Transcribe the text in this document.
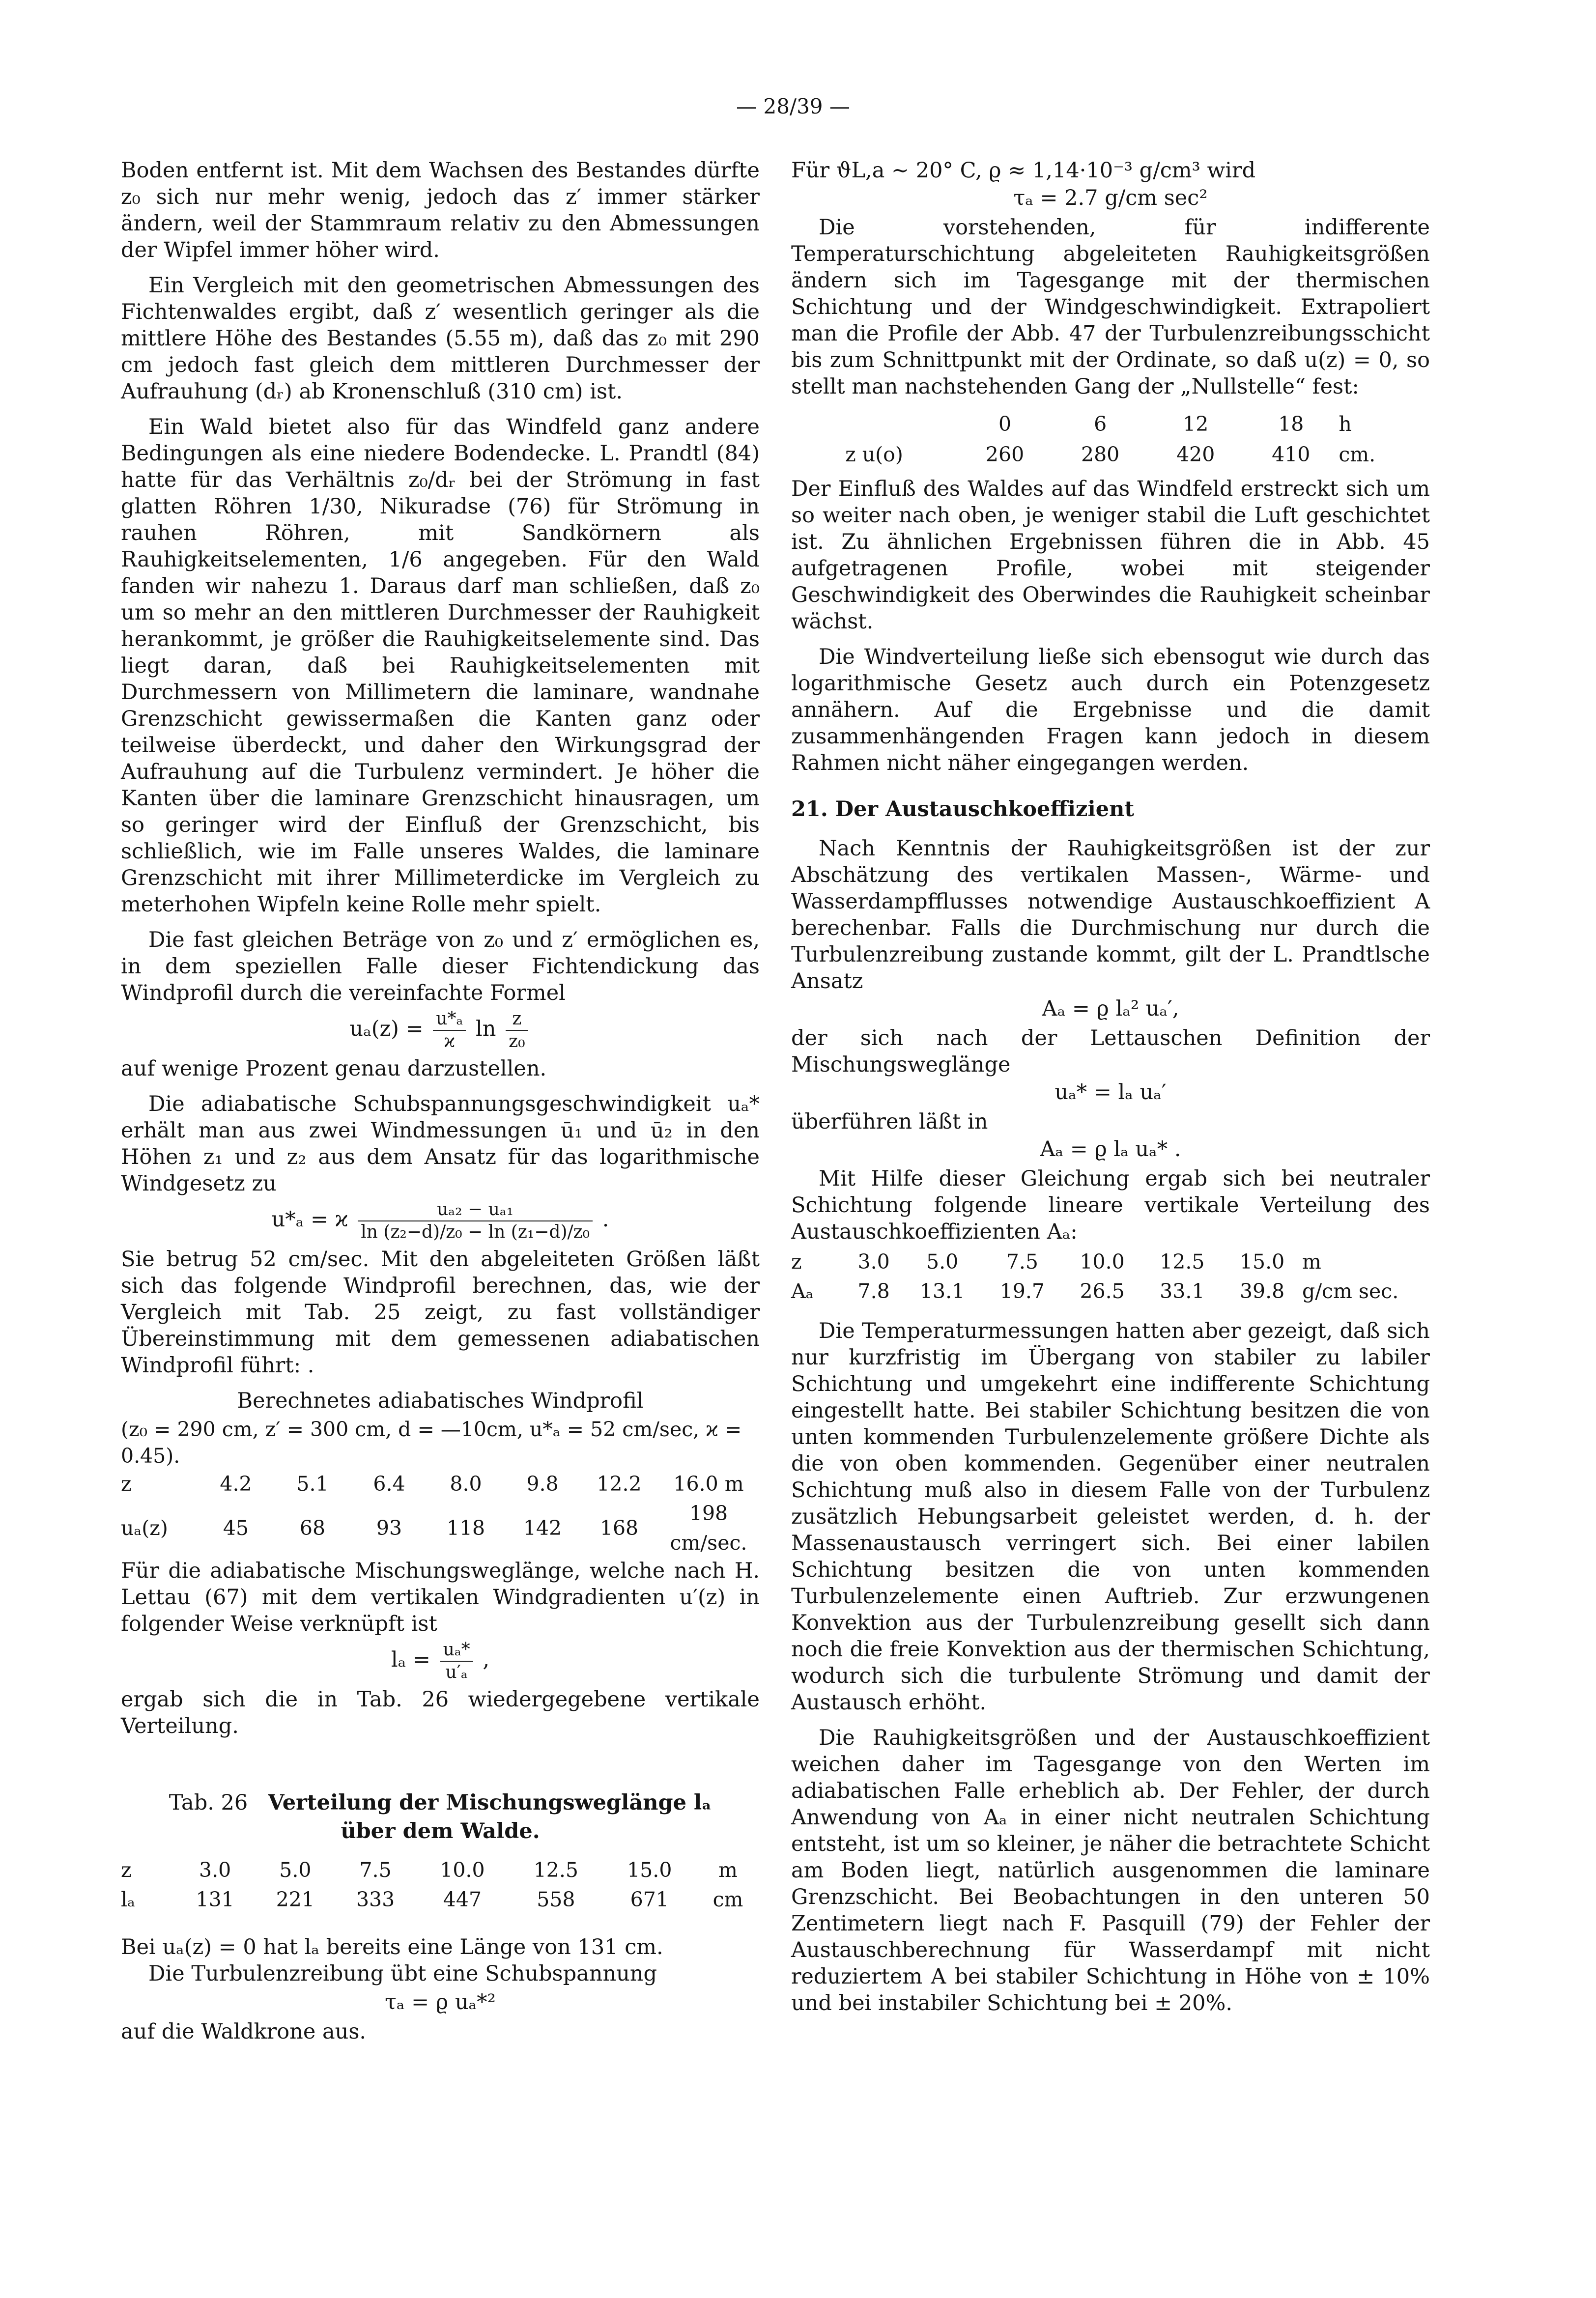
— 28/39 —

Boden entfernt ist. Mit dem Wachsen des Bestandes dürfte z₀ sich nur mehr wenig, jedoch das z′ immer stärker ändern, weil der Stammraum relativ zu den Abmessungen der Wipfel immer höher wird.

Ein Vergleich mit den geometrischen Abmessungen des Fichtenwaldes ergibt, daß z′ wesentlich geringer als die mittlere Höhe des Bestandes (5.55 m), daß das z₀ mit 290 cm jedoch fast gleich dem mittleren Durchmesser der Aufrauhung (dᵣ) ab Kronenschluß (310 cm) ist.

Ein Wald bietet also für das Windfeld ganz andere Bedingungen als eine niedere Bodendecke. L. Prandtl (84) hatte für das Verhältnis z₀/dᵣ bei der Strömung in fast glatten Röhren 1/30, Nikuradse (76) für Strömung in rauhen Röhren, mit Sandkörnern als Rauhigkeitselementen, 1/6 angegeben. Für den Wald fanden wir nahezu 1. Daraus darf man schließen, daß z₀ um so mehr an den mittleren Durchmesser der Rauhigkeit herankommt, je größer die Rauhigkeitselemente sind. Das liegt daran, daß bei Rauhigkeitselementen mit Durchmessern von Millimetern die laminare, wandnahe Grenzschicht gewissermaßen die Kanten ganz oder teilweise überdeckt, und daher den Wirkungsgrad der Aufrauhung auf die Turbulenz vermindert. Je höher die Kanten über die laminare Grenzschicht hinausragen, um so geringer wird der Einfluß der Grenzschicht, bis schließlich, wie im Falle unseres Waldes, die laminare Grenzschicht mit ihrer Millimeterdicke im Vergleich zu meterhohen Wipfeln keine Rolle mehr spielt.

Die fast gleichen Beträge von z₀ und z′ ermöglichen es, in dem speziellen Falle dieser Fichtendickung das Windprofil durch die vereinfachte Formel

$u_a(z) = \frac{\text{u*ₐ}}{ϰ}$ $\ln \frac{z}{\text{z₀}}$

auf wenige Prozent genau darzustellen.

Die adiabatische Schubspannungsgeschwindigkeit uₐ* erhält man aus zwei Windmessungen ū₁ und ū₂ in den Höhen z₁ und z₂ aus dem Ansatz für das logarithmische Windgesetz zu

u*ₐ = ϰ $\frac{\text{uₐ₂ − uₐ₁}}{\text{ln (z₂−d)/z₀ − ln (z₁−d)/z₀}}$ .

Sie betrug 52 cm/sec. Mit den abgeleiteten Größen läßt sich das folgende Windprofil berechnen, das, wie der Vergleich mit Tab. 25 zeigt, zu fast vollständiger Übereinstimmung mit dem gemessenen adiabatischen Windprofil führt: .

Berechnetes adiabatisches Windprofil
(z₀ = 290 cm, z′ = 300 cm, d = —10cm, u*ₐ = 52 cm/sec, ϰ = 0.45).
z	4.2	5.1	6.4	8.0	9.8	12.2	16.0 m
uₐ(z)	45	68	93	118	142	168	198 cm/sec.

Für die adiabatische Mischungsweglänge, welche nach H. Lettau (67) mit dem vertikalen Windgradienten u′(z) in folgender Weise verknüpft ist

$l_a = \frac{\text{uₐ*}}{\text{u′ₐ}}$ ,

ergab sich die in Tab. 26 wiedergegebene vertikale Verteilung.

Tab. 26 Verteilung der Mischungsweglänge lₐ
über dem Walde.
z	3.0	5.0	7.5	10.0	12.5	15.0	m
lₐ	131	221	333	447	558	671	cm

Bei uₐ(z) = 0 hat lₐ bereits eine Länge von 131 cm.

Die Turbulenzreibung übt eine Schubspannung

τₐ = ϱ uₐ*²

auf die Waldkrone aus.

Für ϑL,a ∼ 20° C, ϱ ≈ 1,14·10⁻³ g/cm³ wird

τₐ = 2.7 g/cm sec²

Die vorstehenden, für indifferente Temperaturschichtung abgeleiteten Rauhigkeitsgrößen ändern sich im Tagesgange mit der thermischen Schichtung und der Windgeschwindigkeit. Extrapoliert man die Profile der Abb. 47 der Turbulenzreibungsschicht bis zum Schnittpunkt mit der Ordinate, so daß u(z) = 0, so stellt man nachstehenden Gang der „Nullstelle“ fest:

	0	6	12	18	h
z u(o)	260	280	420	410	cm.

Der Einfluß des Waldes auf das Windfeld erstreckt sich um so weiter nach oben, je weniger stabil die Luft geschichtet ist. Zu ähnlichen Ergebnissen führen die in Abb. 45 aufgetragenen Profile, wobei mit steigender Geschwindigkeit des Oberwindes die Rauhigkeit scheinbar wächst.

Die Windverteilung ließe sich ebensogut wie durch das logarithmische Gesetz auch durch ein Potenzgesetz annähern. Auf die Ergebnisse und die damit zusammenhängenden Fragen kann jedoch in diesem Rahmen nicht näher eingegangen werden.

21. Der Austauschkoeffizient

Nach Kenntnis der Rauhigkeitsgrößen ist der zur Abschätzung des vertikalen Massen-, Wärme- und Wasserdampfflusses notwendige Austauschkoeffizient A berechenbar. Falls die Durchmischung nur durch die Turbulenzreibung zustande kommt, gilt der L. Prandtlsche Ansatz

Aₐ = ϱ lₐ² uₐ′,

der sich nach der Lettauschen Definition der Mischungsweglänge

uₐ* = lₐ uₐ′

überführen läßt in

Aₐ = ϱ lₐ uₐ* .

Mit Hilfe dieser Gleichung ergab sich bei neutraler Schichtung folgende lineare vertikale Verteilung des Austauschkoeffizienten Aₐ:

z	3.0	5.0	7.5	10.0	12.5	15.0	m
Aₐ	7.8	13.1	19.7	26.5	33.1	39.8	g/cm sec.

Die Temperaturmessungen hatten aber gezeigt, daß sich nur kurzfristig im Übergang von stabiler zu labiler Schichtung und umgekehrt eine indifferente Schichtung eingestellt hatte. Bei stabiler Schichtung besitzen die von unten kommenden Turbulenzelemente größere Dichte als die von oben kommenden. Gegenüber einer neutralen Schichtung muß also in diesem Falle von der Turbulenz zusätzlich Hebungsarbeit geleistet werden, d. h. der Massenaustausch verringert sich. Bei einer labilen Schichtung besitzen die von unten kommenden Turbulenzelemente einen Auftrieb. Zur erzwungenen Konvektion aus der Turbulenzreibung gesellt sich dann noch die freie Konvektion aus der thermischen Schichtung, wodurch sich die turbulente Strömung und damit der Austausch erhöht.

Die Rauhigkeitsgrößen und der Austauschkoeffizient weichen daher im Tagesgange von den Werten im adiabatischen Falle erheblich ab. Der Fehler, der durch Anwendung von Aₐ in einer nicht neutralen Schichtung entsteht, ist um so kleiner, je näher die betrachtete Schicht am Boden liegt, natürlich ausgenommen die laminare Grenzschicht. Bei Beobachtungen in den unteren 50 Zentimetern liegt nach F. Pasquill (79) der Fehler der Austauschberechnung für Wasserdampf mit nicht reduziertem A bei stabiler Schichtung in Höhe von ± 10% und bei instabiler Schichtung bei ± 20%.
